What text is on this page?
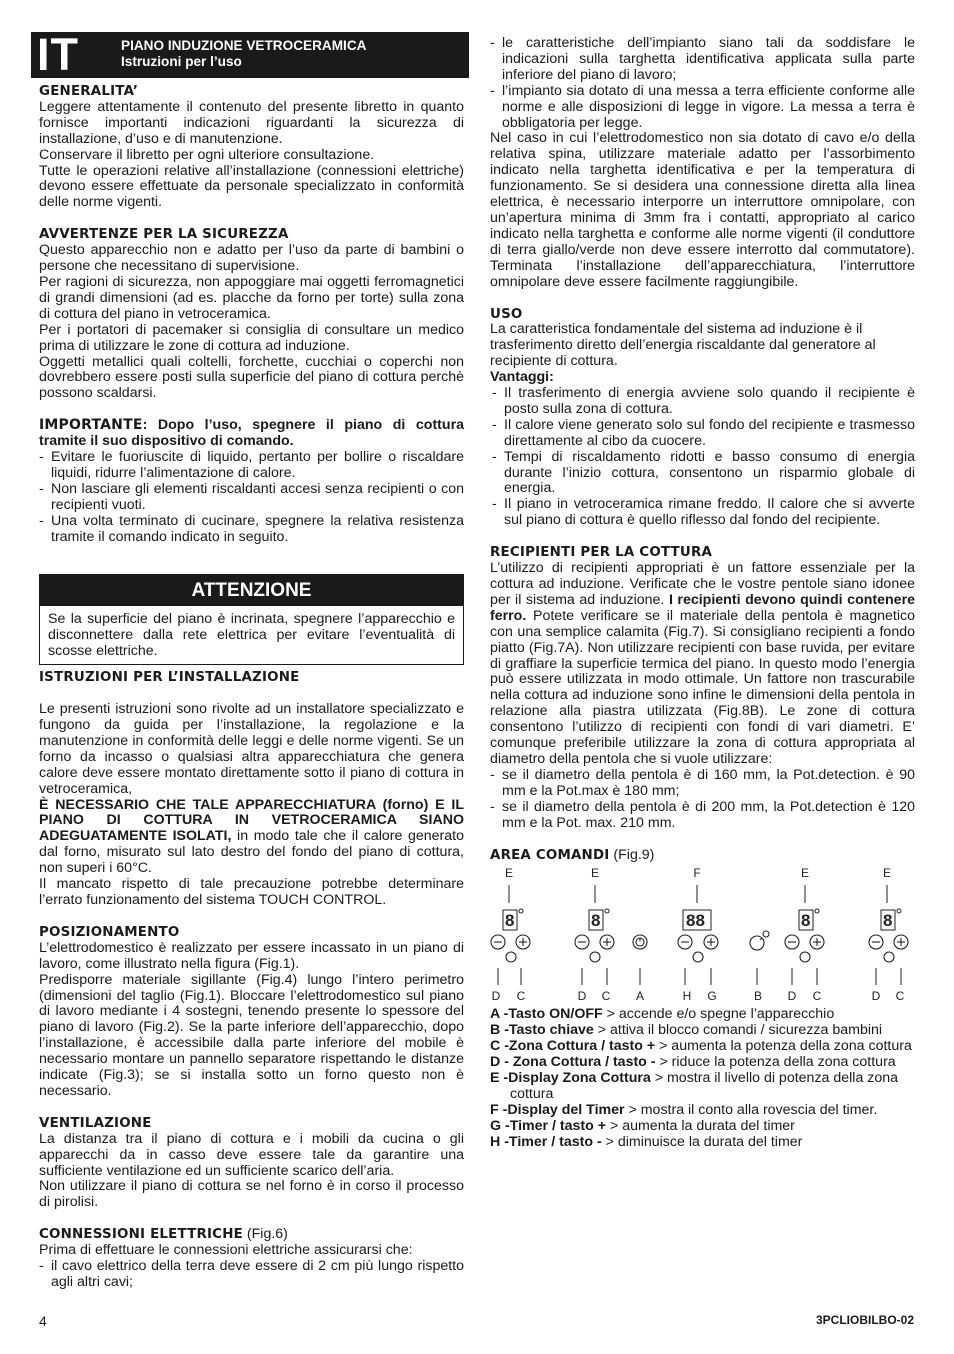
IT	PIANO INDUZIONE VETROCERAMICA
Istruzioni per l’uso

GENERALITA’

Leggere attentamente il contenuto del presente libretto in quanto fornisce importanti indicazioni riguardanti la sicurezza di installazione, d’uso e di manutenzione.

Conservare il libretto per ogni ulteriore consultazione.

Tutte le operazioni relative all’installazione (connessioni elettriche) devono essere effettuate da personale specializzato in conformità delle norme vigenti.

AVVERTENZE PER LA SICUREZZA

Questo apparecchio non e adatto per l’uso da parte di bambini o persone che necessitano di supervisione.

Per ragioni di sicurezza, non appoggiare mai oggetti ferromagnetici di grandi dimensioni (ad es. placche da forno per torte) sulla zona di cottura del piano in vetroceramica.

Per i portatori di pacemaker si consiglia di consultare un medico prima di utilizzare le zone di cottura ad induzione.

Oggetti metallici quali coltelli, forchette, cucchiai o coperchi non dovrebbero essere posti sulla superficie del piano di cottura perchè possono scaldarsi.

IMPORTANTE: Dopo l’uso, spegnere il piano di cottura tramite il suo dispositivo di comando.

- Evitare le fuoriuscite di liquido, pertanto per bollire o riscaldare liquidi, ridurre l’alimentazione di calore.
- Non lasciare gli elementi riscaldanti accesi senza recipienti o con recipienti vuoti.
- Una volta terminato di cucinare, spegnere la relativa resistenza tramite il comando indicato in seguito.
ATTENZIONE
Se la superficie del piano è incrinata, spegnere l’apparecchio e disconnettere dalla rete elettrica per evitare l’eventualità di scosse elettriche.

ISTRUZIONI PER L’INSTALLAZIONE

Le presenti istruzioni sono rivolte ad un installatore specializzato e fungono da guida per l’installazione, la regolazione e la manutenzione in conformità delle leggi e delle norme vigenti. Se un forno da incasso o qualsiasi altra apparecchiatura che genera calore deve essere montato direttamente sotto il piano di cottura in vetroceramica,

È NECESSARIO CHE TALE APPARECCHIATURA (forno) E IL PIANO DI COTTURA IN VETROCERAMICA SIANO ADEGUATAMENTE ISOLATI, in modo tale che il calore generato dal forno, misurato sul lato destro del fondo del piano di cottura, non superi i 60°C.

Il mancato rispetto di tale precauzione potrebbe determinare l’errato funzionamento del sistema TOUCH CONTROL.

POSIZIONAMENTO

L’elettrodomestico è realizzato per essere incassato in un piano di lavoro, come illustrato nella figura (Fig.1).

Predisporre materiale sigillante (Fig.4) lungo l’intero perimetro (dimensioni del taglio (Fig.1). Bloccare l’elettrodomestico sul piano di lavoro mediante i 4 sostegni, tenendo presente lo spessore del piano di lavoro (Fig.2). Se la parte inferiore dell’apparecchio, dopo l’installazione, è accessibile dalla parte inferiore del mobile è necessario montare un pannello separatore rispettando le distanze indicate (Fig.3); se si installa sotto un forno questo non è necessario.

VENTILAZIONE

La distanza tra il piano di cottura e i mobili da cucina o gli apparecchi da in casso deve essere tale da garantire una sufficiente ventilazione ed un sufficiente scarico dell’aria.

Non utilizzare il piano di cottura se nel forno è in corso il processo di pirolisi.

CONNESSIONI ELETTRICHE (Fig.6)

Prima di effettuare le connessioni elettriche assicurarsi che:

- il cavo elettrico della terra deve essere di 2 cm più lungo rispetto agli altri cavi;
- le caratteristiche dell’impianto siano tali da soddisfare le indicazioni sulla targhetta identificativa applicata sulla parte inferiore del piano di lavoro;
- l’impianto sia dotato di una messa a terra efficiente conforme alle norme e alle disposizioni di legge in vigore. La messa a terra è obbligatoria per legge.

Nel caso in cui l’elettrodomestico non sia dotato di cavo e/o della relativa spina, utilizzare materiale adatto per l’assorbimento indicato nella targhetta identificativa e per la temperatura di funzionamento. Se si desidera una connessione diretta alla linea elettrica, è necessario interporre un interruttore omnipolare, con un’apertura minima di 3mm fra i contatti, appropriato al carico indicato nella targhetta e conforme alle norme vigenti (il conduttore di terra giallo/verde non deve essere interrotto dal commutatore). Terminata l’installazione dell’apparecchiatura, l’interruttore omnipolare deve essere facilmente raggiungibile.

USO

La caratteristica fondamentale del sistema ad induzione è il trasferimento diretto dell’energia riscaldante dal generatore al recipiente di cottura.

Vantaggi:

- Il trasferimento di energia avviene solo quando il recipiente è posto sulla zona di cottura.
- Il calore viene generato solo sul fondo del recipiente e trasmesso direttamente al cibo da cuocere.
- Tempi di riscaldamento ridotti e basso consumo di energia durante l’inizio cottura, consentono un risparmio globale di energia.
- Il piano in vetroceramica rimane freddo. Il calore che si avverte sul piano di cottura è quello riflesso dal fondo del recipiente.

RECIPIENTI PER LA COTTURA

L’utilizzo di recipienti appropriati è un fattore essenziale per la cottura ad induzione. Verificate che le vostre pentole siano idonee per il sistema ad induzione. I recipienti devono quindi contenere ferro. Potete verificare se il materiale della pentola è magnetico con una semplice calamita (Fig.7). Si consigliano recipienti a fondo piatto (Fig.7A). Non utilizzare recipienti con base ruvida, per evitare di graffiare la superficie termica del piano. In questo modo l’energia può essere utilizzata in modo ottimale. Un fattore non trascurabile nella cottura ad induzione sono infine le dimensioni della pentola in relazione alla piastra utilizzata (Fig.8B). Le zone di cottura consentono l’utilizzo di recipienti con fondi di vari diametri. E’ comunque preferibile utilizzare la zona di cottura appropriata al diametro della pentola che si vuole utilizzare:

- se il diametro della pentola è di 160 mm, la Pot.detection. è 90 mm e la Pot.max è 180 mm;
- se il diametro della pentola è di 200 mm, la Pot.detection è 120 mm e la Pot. max. 210 mm.

AREA COMANDI (Fig.9)

E	E	F	E	E
8	8	88	8	8
D C	D C A	H G	B D C	D C

A -Tasto ON/OFF > accende e/o spegne l’apparecchio

B -Tasto chiave > attiva il blocco comandi / sicurezza bambini

C -Zona Cottura / tasto + > aumenta la potenza della zona cottura

D - Zona Cottura / tasto - > riduce la potenza della zona cottura

E -Display Zona Cottura > mostra il livello di potenza della zona cottura

F -Display del Timer > mostra il conto alla rovescia del timer.

G -Timer / tasto + > aumenta la durata del timer

H -Timer / tasto - > diminuisce la durata del timer

4	3PCLIOBILBO-02
